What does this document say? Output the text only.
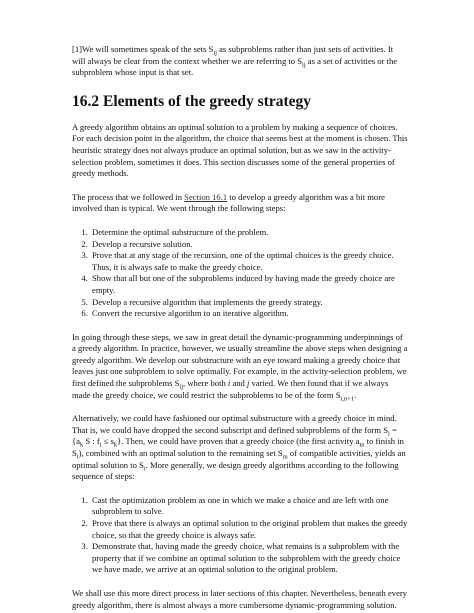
[1]We will sometimes speak of the sets $S_{ij}$ as subproblems rather than just sets of activities. It will always be clear from the context whether we are referring to $S_{ij}$ as a set of activities or the subproblem whose input is that set.

16.2 Elements of the greedy strategy

A greedy algorithm obtains an optimal solution to a problem by making a sequence of choices. For each decision point in the algorithm, the choice that seems best at the moment is chosen. This heuristic strategy does not always produce an optimal solution, but as we saw in the activity-selection problem, sometimes it does. This section discusses some of the general properties of greedy methods.

The process that we followed in Section 16.1 to develop a greedy algorithm was a bit more involved than is typical. We went through the following steps:

1. Determine the optimal substructure of the problem.
2. Develop a recursive solution.
3. Prove that at any stage of the recursion, one of the optimal choices is the greedy choice. Thus, it is always safe to make the greedy choice.
4. Show that all but one of the subproblems induced by having made the greedy choice are empty.
5. Develop a recursive algorithm that implements the greedy strategy.
6. Convert the recursive algorithm to an iterative algorithm.

In going through these steps, we saw in great detail the dynamic-programming underpinnings of a greedy algorithm. In practice, however, we usually streamline the above steps when designing a greedy algorithm. We develop our substructure with an eye toward making a greedy choice that leaves just one subproblem to solve optimally. For example, in the activity-selection problem, we first defined the subproblems $S_{ij}$, where both i and j varied. We then found that if we always made the greedy choice, we could restrict the subproblems to be of the form $S_{i,n+1}$.

Alternatively, we could have fashioned our optimal substructure with a greedy choice in mind. That is, we could have dropped the second subscript and defined subproblems of the form $S_i = \{a_k$ S : $f_i \le s_k$}. Then, we could have proven that a greedy choice (the first activity $a_m$ to finish in $S_i$), combined with an optimal solution to the remaining set $S_m$ of compatible activities, yields an optimal solution to $S_i$. More generally, we design greedy algorithms according to the following sequence of steps:

1. Cast the optimization problem as one in which we make a choice and are left with one subproblem to solve.
2. Prove that there is always an optimal solution to the original problem that makes the greedy choice, so that the greedy choice is always safe.
3. Demonstrate that, having made the greedy choice, what remains is a subproblem with the property that if we combine an optimal solution to the subproblem with the greedy choice we have made, we arrive at an optimal solution to the original problem.

We shall use this more direct process in later sections of this chapter. Nevertheless, beneath every greedy algorithm, there is almost always a more cumbersome dynamic-programming solution.
